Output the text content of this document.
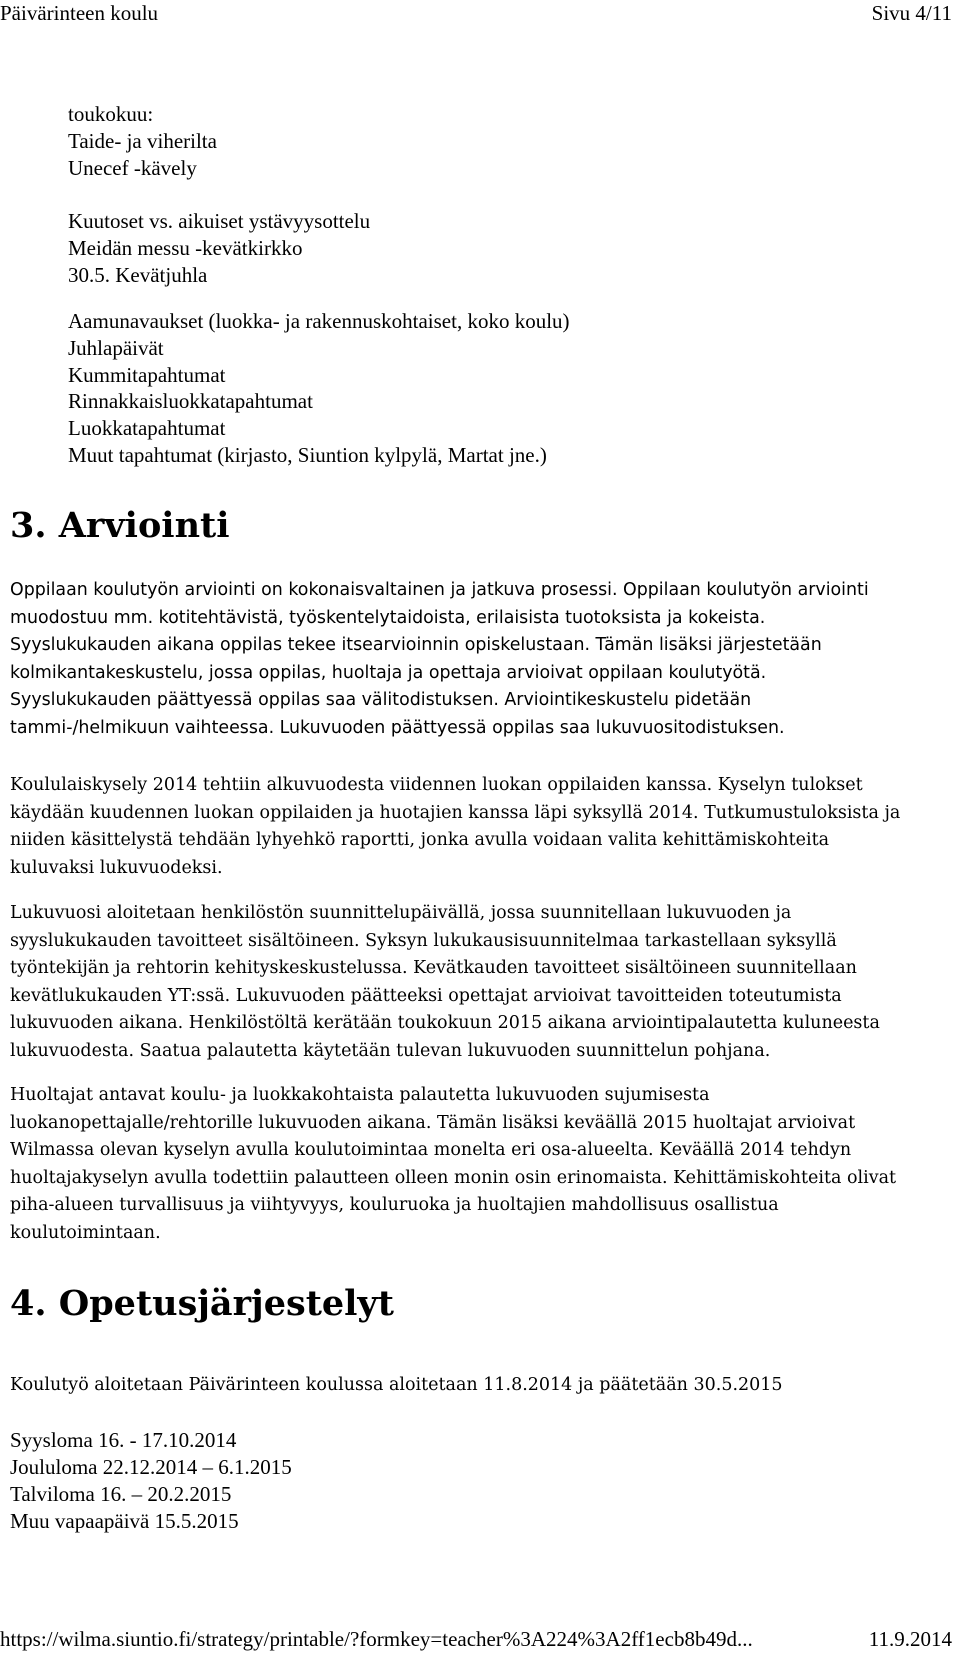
Päivärinteen koulu	Sivu 4/11
toukokuu:
Taide- ja viherilta
Unecef -kävely
Kuutoset vs. aikuiset ystävyysottelu
Meidän messu -kevätkirkko
30.5. Kevätjuhla
Aamunavaukset (luokka- ja rakennuskohtaiset, koko koulu)
Juhlapäivät
Kummitapahtumat
Rinnakkaisluokkatapahtumat
Luokkatapahtumat
Muut tapahtumat (kirjasto, Siuntion kylpylä, Martat jne.)
3. Arviointi

Oppilaan koulutyön arviointi on kokonaisvaltainen ja jatkuva prosessi. Oppilaan koulutyön arviointi muodostuu mm. kotitehtävistä, työskentelytaidoista, erilaisista tuotoksista ja kokeista. Syyslukukauden aikana oppilas tekee itsearvioinnin opiskelustaan. Tämän lisäksi järjestetään kolmikantakeskustelu, jossa oppilas, huoltaja ja opettaja arvioivat oppilaan koulutyötä. Syyslukukauden päättyessä oppilas saa välitodistuksen. Arviointikeskustelu pidetään tammi-/helmikuun vaihteessa. Lukuvuoden päättyessä oppilas saa lukuvuositodistuksen.

Koululaiskysely 2014 tehtiin alkuvuodesta viidennen luokan oppilaiden kanssa. Kyselyn tulokset käydään kuudennen luokan oppilaiden ja huotajien kanssa läpi syksyllä 2014. Tutkumustuloksista ja niiden käsittelystä tehdään lyhyehkö raportti, jonka avulla voidaan valita kehittämiskohteita kuluvaksi lukuvuodeksi.

Lukuvuosi aloitetaan henkilöstön suunnittelupäivällä, jossa suunnitellaan lukuvuoden ja syyslukukauden tavoitteet sisältöineen. Syksyn lukukausisuunnitelmaa tarkastellaan syksyllä työntekijän ja rehtorin kehityskeskustelussa. Kevätkauden tavoitteet sisältöineen suunnitellaan kevätlukukauden YT:ssä. Lukuvuoden päätteeksi opettajat arvioivat tavoitteiden toteutumista lukuvuoden aikana. Henkilöstöltä kerätään toukokuun 2015 aikana arviointipalautetta kuluneesta lukuvuodesta. Saatua palautetta käytetään tulevan lukuvuoden suunnittelun pohjana.

Huoltajat antavat koulu- ja luokkakohtaista palautetta lukuvuoden sujumisesta luokanopettajalle/rehtorille lukuvuoden aikana. Tämän lisäksi keväällä 2015 huoltajat arvioivat Wilmassa olevan kyselyn avulla koulutoimintaa monelta eri osa-alueelta. Keväällä 2014 tehdyn huoltajakyselyn avulla todettiin palautteen olleen monin osin erinomaista. Kehittämiskohteita olivat piha-alueen turvallisuus ja viihtyvyys, kouluruoka ja huoltajien mahdollisuus osallistua koulutoimintaan.

4. Opetusjärjestelyt

Koulutyö aloitetaan Päivärinteen koulussa aloitetaan 11.8.2014 ja päätetään 30.5.2015

Syysloma 16. - 17.10.2014
Joululoma 22.12.2014 – 6.1.2015
Talviloma 16. – 20.2.2015
Muu vapaapäivä 15.5.2015
https://wilma.siuntio.fi/strategy/printable/?formkey=teacher%3A224%3A2ff1ecb8b49d...	11.9.2014
